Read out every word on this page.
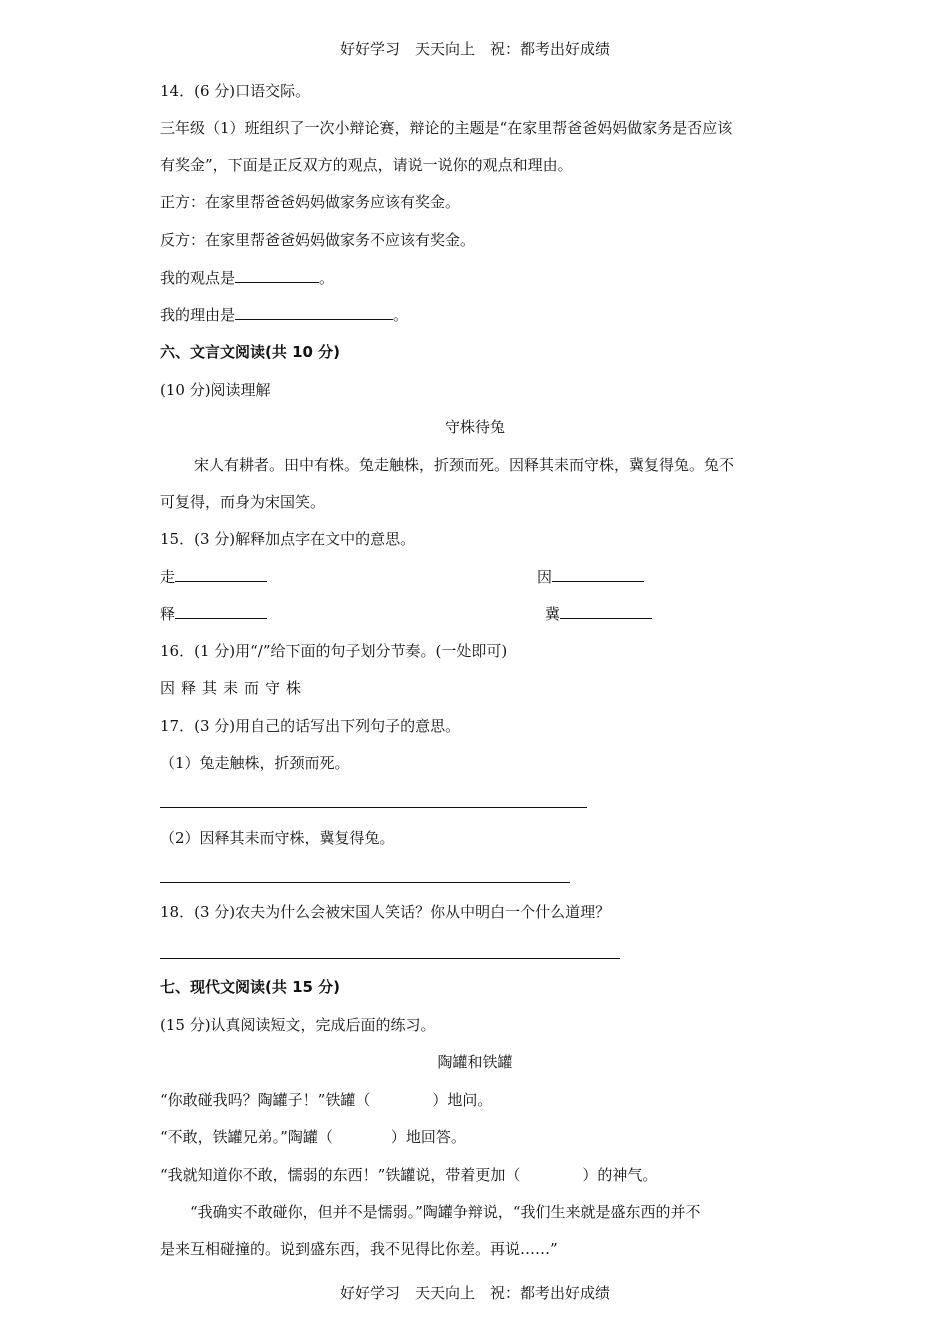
好好学习　天天向上　祝：都考出好成绩
14．(6 分)口语交际。
三年级（1）班组织了一次小辩论赛，辩论的主题是“在家里帮爸爸妈妈做家务是否应该
有奖金”，下面是正反双方的观点，请说一说你的观点和理由。
正方：在家里帮爸爸妈妈做家务应该有奖金。
反方：在家里帮爸爸妈妈做家务不应该有奖金。
我的观点是	。
我的理由是	。
六、文言文阅读(共 10 分)
(10 分)阅读理解
守株待兔
宋人有耕者。田中有株。兔走触株，折颈而死。因释其耒而守株，冀复得兔。兔不
可复得，而身为宋国笑。
15．(3 分)解释加点字在文中的意思。
走	因
释	冀
16．(1 分)用“/”给下面的句子划分节奏。(一处即可)
因释其耒而守株
17．(3 分)用自己的话写出下列句子的意思。
（1）兔走触株，折颈而死。
（2）因释其耒而守株，冀复得兔。
18．(3 分)农夫为什么会被宋国人笑话？你从中明白一个什么道理？
七、现代文阅读(共 15 分)
(15 分)认真阅读短文，完成后面的练习。
陶罐和铁罐
“你敢碰我吗？陶罐子！”铁罐（	）地问。
“不敢，铁罐兄弟。”陶罐（	）地回答。
“我就知道你不敢，懦弱的东西！”铁罐说，带着更加（	）的神气。
“我确实不敢碰你，但并不是懦弱。”陶罐争辩说，“我们生来就是盛东西的并不
是来互相碰撞的。说到盛东西，我不见得比你差。再说……”
好好学习　天天向上　祝：都考出好成绩
